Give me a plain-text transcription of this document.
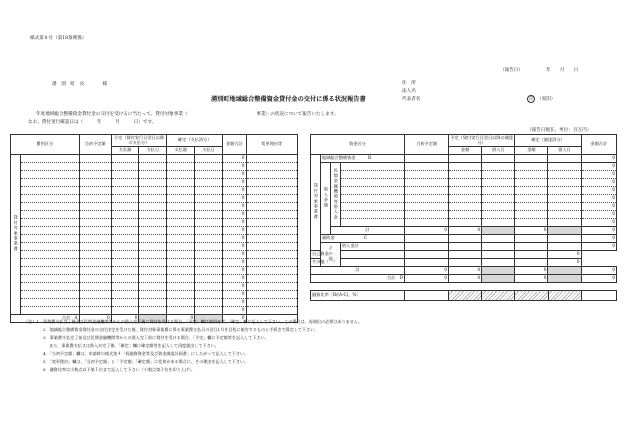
様式第８号（第18条関係）
（報告日）	年　　月　　日
湧　別　町　長　　　　様	住　所
法人名
代表者名	印 （実印）
湧別町地域総合整備資金貸付金の交付に係る状況報告書
年度地域総合整備資金貸付金の交付を受けるに当たって、貸付対象事業（　　　　　　　　　　　　　　　事業）の状況について報告いたします。
なお、貸付実行確認日は（　　　年　　　月　　　日）です。
（報告日現在、単位：百万円）
費用区分		当初予定額	予定（貸付実行日翌日以降の支払分）		確定（支払済分）		金額合計	変更理由等
			支払額	支払日	支払額	支払日		
貸付対象事業費							0	
							0	
							0	
							0	
							0	
							0	
							0	
							0	
							0	
							0	
							0	
							0	
							0	
							0	
							0	
							0	
							0	
							0	
							0	
							0	
合計　A		0	0		0		0	
資金区分				当初予定額	予定（貸付実行日翌日以降の調達分）		確定（調達済分）		金額合計
					金額	借入日	金額	借入日	
貸付対象事業費	地域総合整備資金　　　B								0
	借入金額	民間金融機関等借入金							0
									0
									0
									0
									0
									0
									0
									0
		計		0	0		0		0
	補助金　　　　　　　C								0
	その他		借入金計						0
自己資金								0	
その他（　）								0	
計				0	0		0		0
合計　D				0	0		0		0
融資比率［B/(A-C)、%］						
（注）1　事業費支払完了後及び民間金融機関等からの借入完了後に貸付を受ける場合、「予定」欄は使用せず、「確定」欄に記入して下さい。この場合は、再報出の必要はありません。
2　地域総合整備資金貸付金の交付決定を受けた後、貸付対象事業費に係る事業費支払日の翌日1月を目処に報告するものと手続きで算定して下さい。
3　事業費支払完了前及び民間金融機関等からの借入完了前に貸付を受ける場合、「予定」欄に予定額等を記入して下さい。
また、事業費支払又は借入が完了後、「確定」欄に確定額等を記入して再度提出して下さい。
4　「当初予定額」欄は、申請時の様式第４「投融資資金等及び資金調達計画書」にしたがって記入して下さい。
5　「変更理由」欄は、「当初予定額」と「予定額」「確定額」に差異がある場合に、その理由を記入して下さい。
6　融資比率は小数点以下第１位まで記入して下さい（小数点第２位を切り上げ）。
